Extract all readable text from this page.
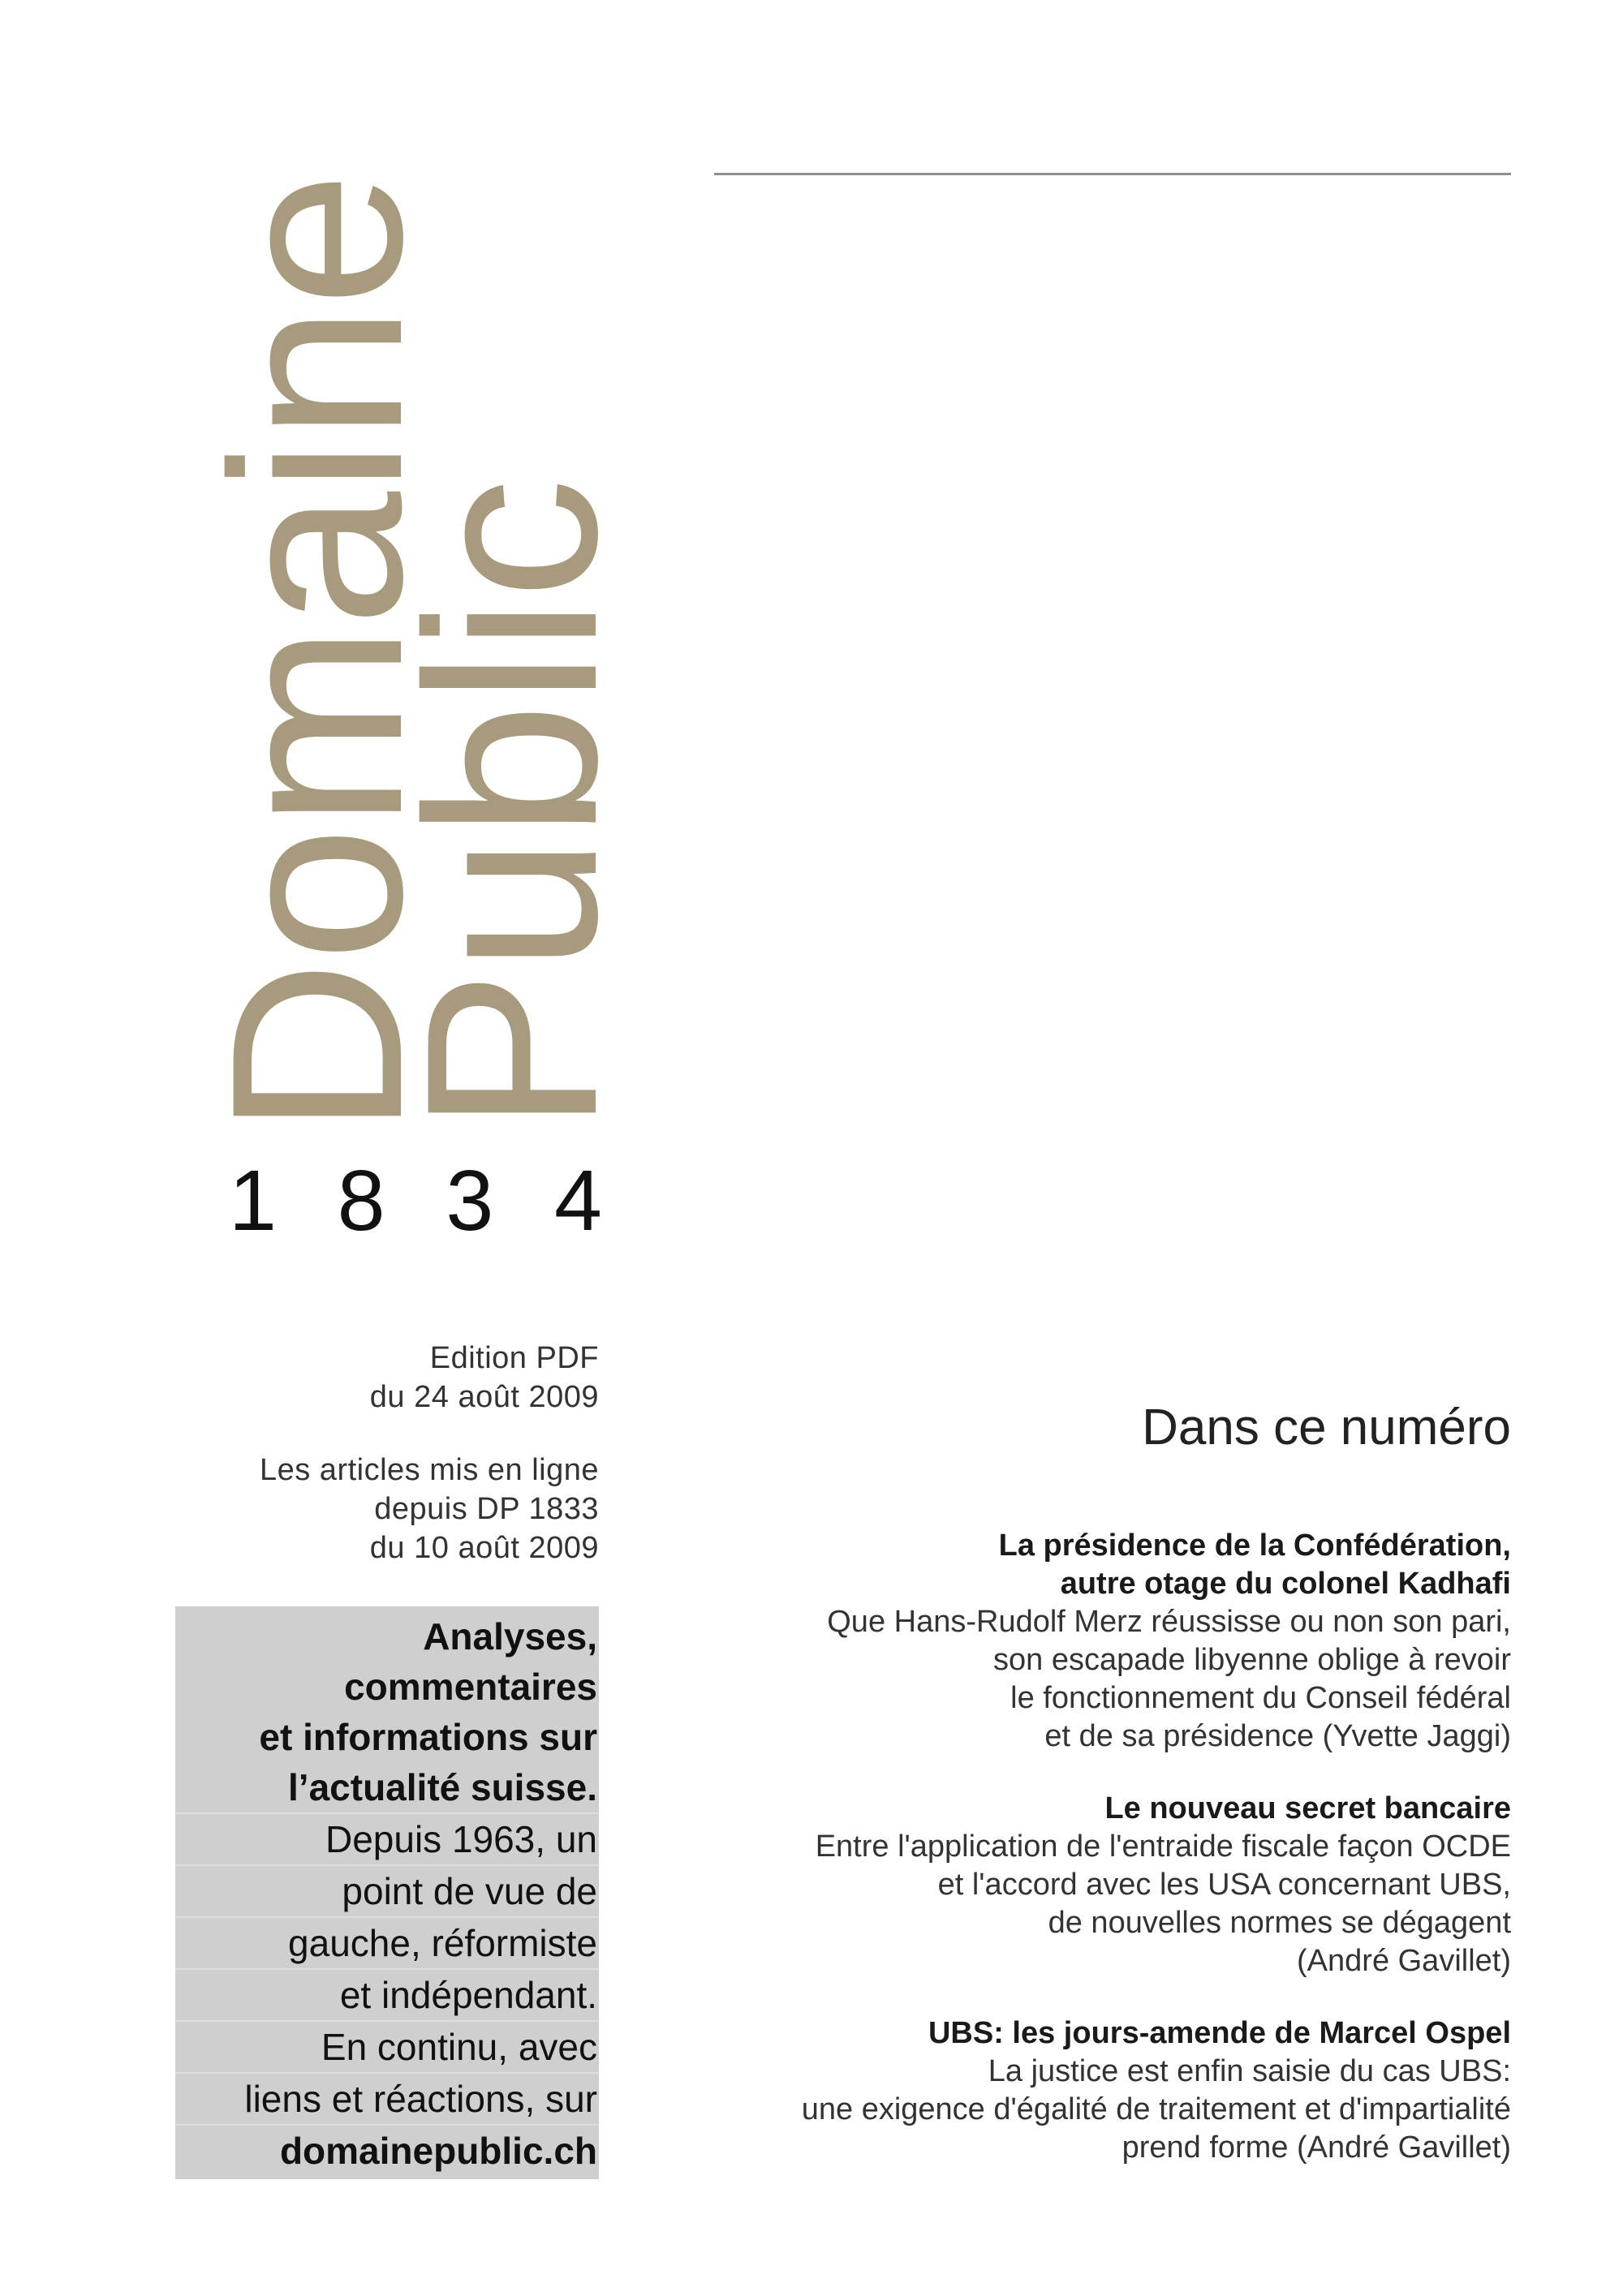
Domaine
Public
1 8 3 4
Edition PDF
du 24 août 2009
Les articles mis en ligne
depuis DP 1833
du 10 août 2009
Analyses,
commentaires
et informations sur
l’actualité suisse.
Depuis 1963, un
point de vue de
gauche, réformiste
et indépendant.
En continu, avec
liens et réactions, sur
domainepublic.ch
Dans ce numéro
La présidence de la Confédération,
autre otage du colonel Kadhafi
Que Hans-Rudolf Merz réussisse ou non son pari,
son escapade libyenne oblige à revoir
le fonctionnement du Conseil fédéral
et de sa présidence (Yvette Jaggi)
Le nouveau secret bancaire
Entre l'application de l'entraide fiscale façon OCDE
et l'accord avec les USA concernant UBS,
de nouvelles normes se dégagent
(André Gavillet)
UBS: les jours-amende de Marcel Ospel
La justice est enfin saisie du cas UBS:
une exigence d'égalité de traitement et d'impartialité
prend forme (André Gavillet)
